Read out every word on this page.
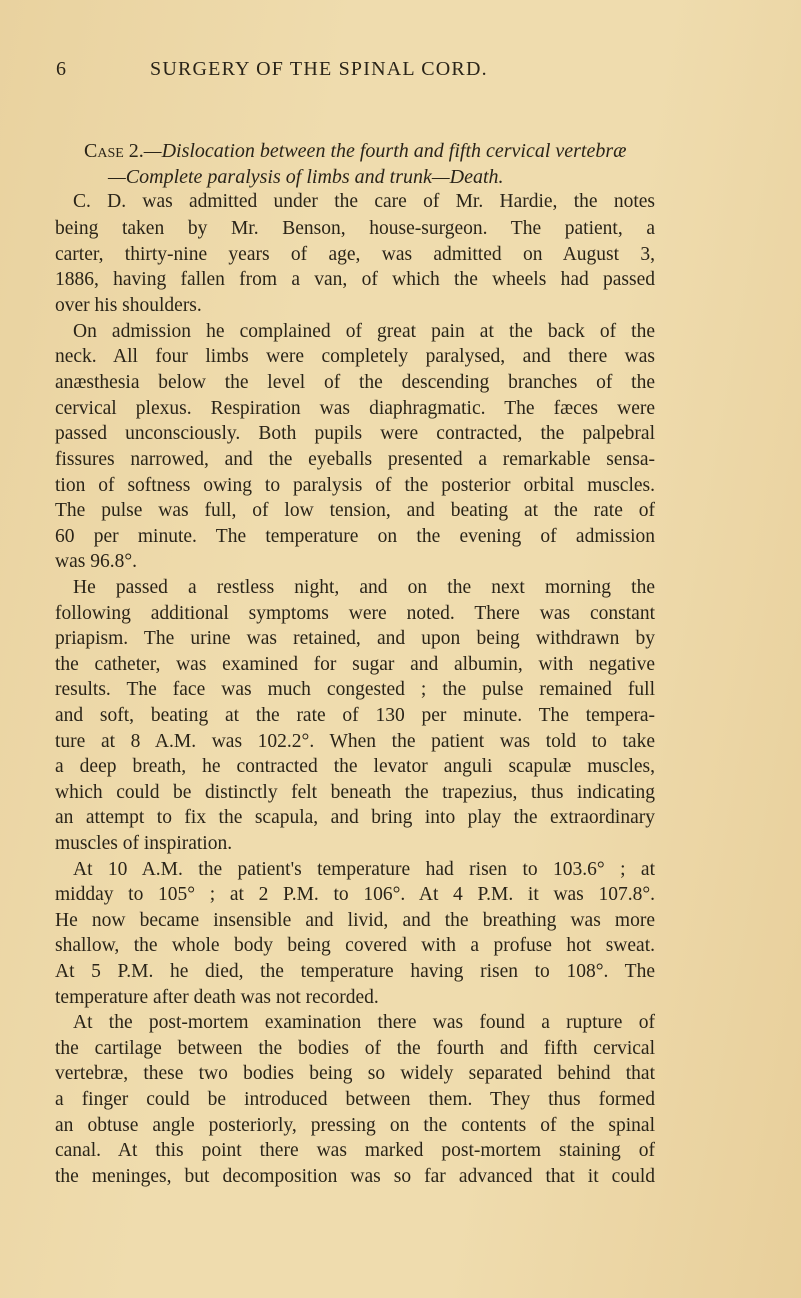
6	SURGERY OF THE SPINAL CORD.
Case 2.—Dislocation between the fourth and fifth cervical vertebræ
—Complete paralysis of limbs and trunk—Death.
C. D. was admitted under the care of Mr. Hardie, the notes
being taken by Mr. Benson, house-surgeon. The patient, a
carter, thirty-nine years of age, was admitted on August 3,
1886, having fallen from a van, of which the wheels had passed
over his shoulders.
On admission he complained of great pain at the back of the
neck. All four limbs were completely paralysed, and there was
anæsthesia below the level of the descending branches of the
cervical plexus. Respiration was diaphragmatic. The fæces were
passed unconsciously. Both pupils were contracted, the palpebral
fissures narrowed, and the eyeballs presented a remarkable sensa-
tion of softness owing to paralysis of the posterior orbital muscles.
The pulse was full, of low tension, and beating at the rate of
60 per minute. The temperature on the evening of admission
was 96.8°.
He passed a restless night, and on the next morning the
following additional symptoms were noted. There was constant
priapism. The urine was retained, and upon being withdrawn by
the catheter, was examined for sugar and albumin, with negative
results. The face was much congested ; the pulse remained full
and soft, beating at the rate of 130 per minute. The tempera-
ture at 8 A.M. was 102.2°. When the patient was told to take
a deep breath, he contracted the levator anguli scapulæ muscles,
which could be distinctly felt beneath the trapezius, thus indicating
an attempt to fix the scapula, and bring into play the extraordinary
muscles of inspiration.
At 10 A.M. the patient's temperature had risen to 103.6° ; at
midday to 105° ; at 2 P.M. to 106°. At 4 P.M. it was 107.8°.
He now became insensible and livid, and the breathing was more
shallow, the whole body being covered with a profuse hot sweat.
At 5 P.M. he died, the temperature having risen to 108°. The
temperature after death was not recorded.
At the post-mortem examination there was found a rupture of
the cartilage between the bodies of the fourth and fifth cervical
vertebræ, these two bodies being so widely separated behind that
a finger could be introduced between them. They thus formed
an obtuse angle posteriorly, pressing on the contents of the spinal
canal. At this point there was marked post-mortem staining of
the meninges, but decomposition was so far advanced that it could
